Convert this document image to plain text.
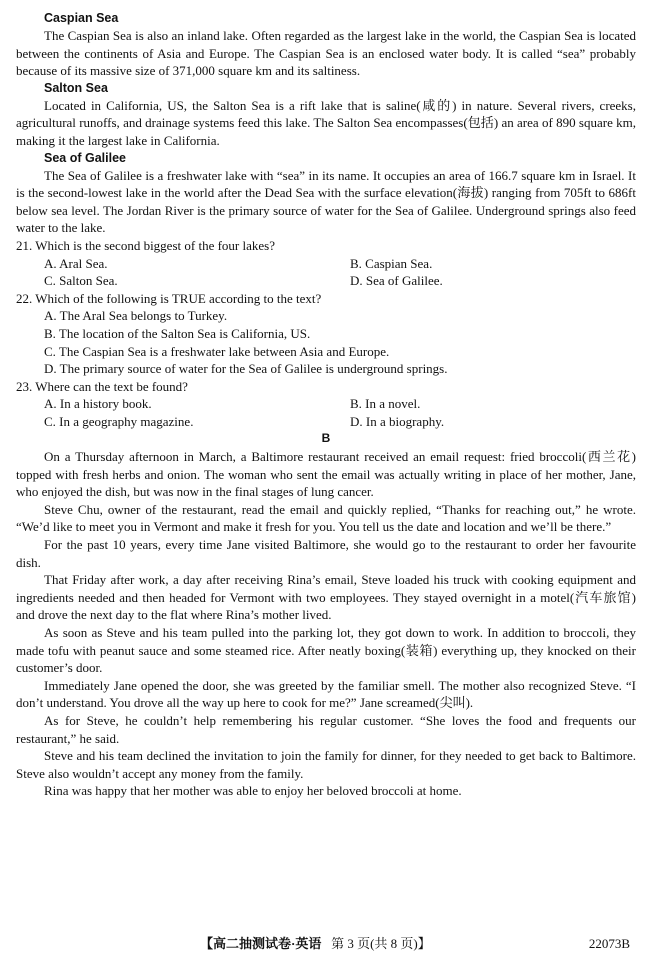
Caspian Sea

The Caspian Sea is also an inland lake. Often regarded as the largest lake in the world, the Caspian Sea is located between the continents of Asia and Europe. The Caspian Sea is an enclosed water body. It is called “sea” probably because of its massive size of 371,000 square km and its saltiness.

Salton Sea

Located in California, US, the Salton Sea is a rift lake that is saline(咸的) in nature. Several rivers, creeks, agricultural runoffs, and drainage systems feed this lake. The Salton Sea encompasses(包括) an area of 890 square km, making it the largest lake in California.

Sea of Galilee

The Sea of Galilee is a freshwater lake with “sea” in its name. It occupies an area of 166.7 square km in Israel. It is the second-lowest lake in the world after the Dead Sea with the surface elevation(海拔) ranging from 705ft to 686ft below sea level. The Jordan River is the primary source of water for the Sea of Galilee. Underground springs also feed water to the lake.

21. Which is the second biggest of the four lakes?
A. Aral Sea.	B. Caspian Sea.
C. Salton Sea.	D. Sea of Galilee.
22. Which of the following is TRUE according to the text?
A. The Aral Sea belongs to Turkey.
B. The location of the Salton Sea is California, US.
C. The Caspian Sea is a freshwater lake between Asia and Europe.
D. The primary source of water for the Sea of Galilee is underground springs.
23. Where can the text be found?
A. In a history book.	B. In a novel.
C. In a geography magazine.	D. In a biography.
B

On a Thursday afternoon in March, a Baltimore restaurant received an email request: fried broccoli(西兰花) topped with fresh herbs and onion. The woman who sent the email was actually writing in place of her mother, Jane, who enjoyed the dish, but was now in the final stages of lung cancer.

Steve Chu, owner of the restaurant, read the email and quickly replied, “Thanks for reaching out,” he wrote. “We’d like to meet you in Vermont and make it fresh for you. You tell us the date and location and we’ll be there.”

For the past 10 years, every time Jane visited Baltimore, she would go to the restaurant to order her favourite dish.

That Friday after work, a day after receiving Rina’s email, Steve loaded his truck with cooking equipment and ingredients needed and then headed for Vermont with two employees. They stayed overnight in a motel(汽车旅馆) and drove the next day to the flat where Rina’s mother lived.

As soon as Steve and his team pulled into the parking lot, they got down to work. In addition to broccoli, they made tofu with peanut sauce and some steamed rice. After neatly boxing(装箱) everything up, they knocked on their customer’s door.

Immediately Jane opened the door, she was greeted by the familiar smell. The mother also recognized Steve. “I don’t understand. You drove all the way up here to cook for me?” Jane screamed(尖叫).

As for Steve, he couldn’t help remembering his regular customer. “She loves the food and frequents our restaurant,” he said.

Steve and his team declined the invitation to join the family for dinner, for they needed to get back to Baltimore. Steve also wouldn’t accept any money from the family.

Rina was happy that her mother was able to enjoy her beloved broccoli at home.

【高二抽测试卷·英语 第 3 页(共 8 页)】	22073B
